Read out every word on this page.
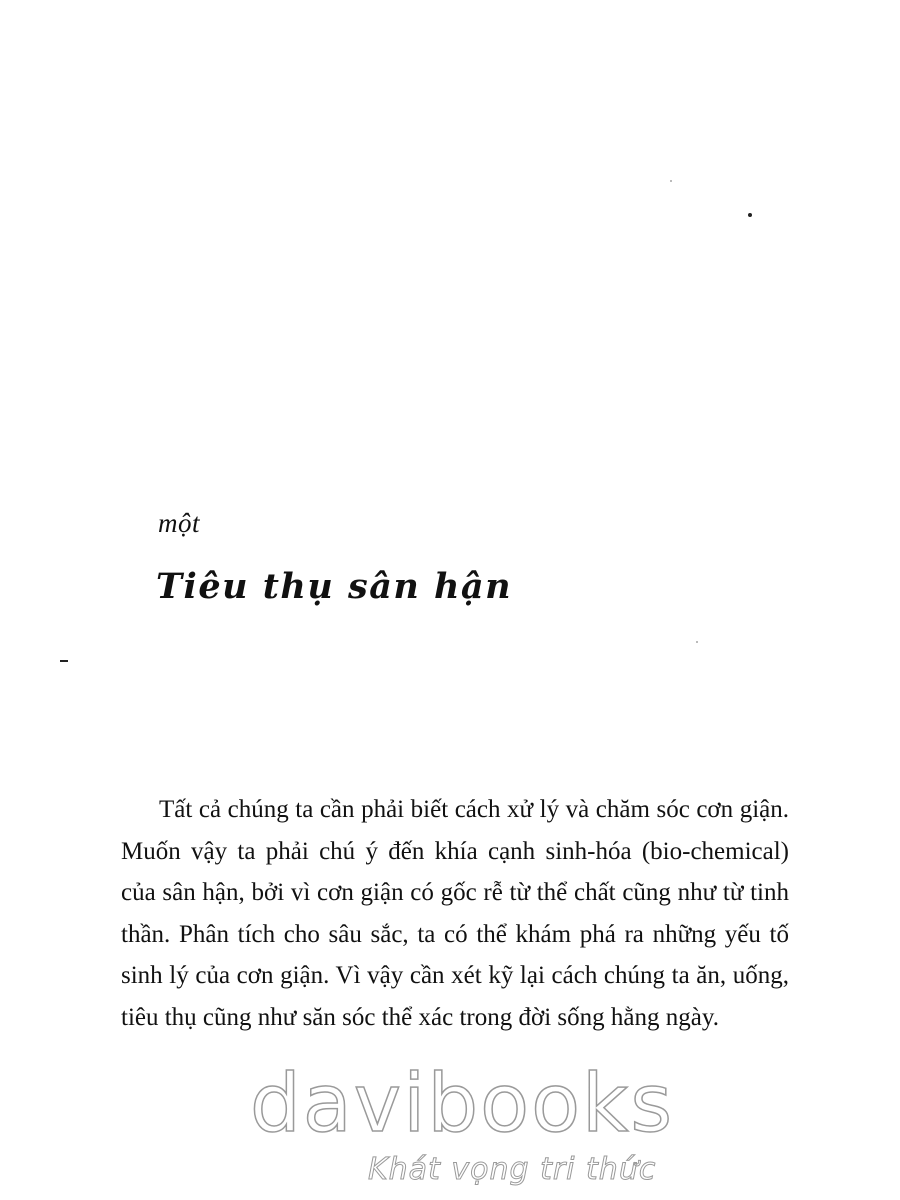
một

Tiêu thụ sân hận

Tất cả chúng ta cần phải biết cách xử lý và chăm sóc cơn giận. Muốn vậy ta phải chú ý đến khía cạnh sinh-hóa (bio-chemical) của sân hận, bởi vì cơn giận có gốc rễ từ thể chất cũng như từ tinh thần. Phân tích cho sâu sắc, ta có thể khám phá ra những yếu tố sinh lý của cơn giận. Vì vậy cần xét kỹ lại cách chúng ta ăn, uống, tiêu thụ cũng như săn sóc thể xác trong đời sống hằng ngày.

davibooks
Khát vọng tri thức
